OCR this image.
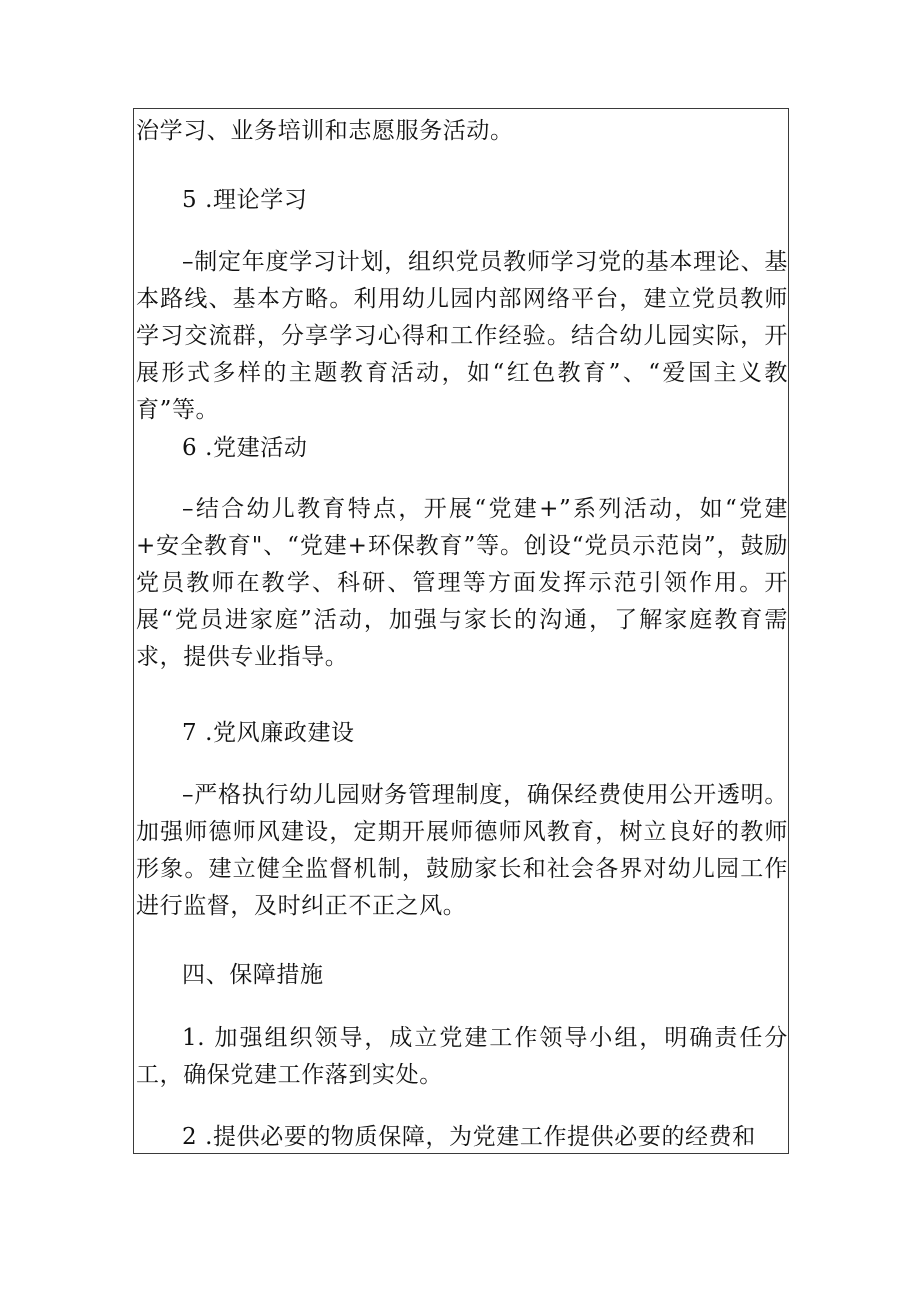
治学习、业务培训和志愿服务活动。
5 .理论学习
–制定年度学习计划，组织党员教师学习党的基本理论、基本路线、基本方略。利用幼儿园内部网络平台，建立党员教师学习交流群，分享学习心得和工作经验。结合幼儿园实际，开展形式多样的主题教育活动，如“红色教育”、“爱国主义教育”等。
6 .党建活动
–结合幼儿教育特点，开展“党建+”系列活动，如“党建+安全教育"、“党建+环保教育”等。创设“党员示范岗”，鼓励党员教师在教学、科研、管理等方面发挥示范引领作用。开展“党员进家庭”活动，加强与家长的沟通，了解家庭教育需求，提供专业指导。
7 .党风廉政建设
–严格执行幼儿园财务管理制度，确保经费使用公开透明。加强师德师风建设，定期开展师德师风教育，树立良好的教师形象。建立健全监督机制，鼓励家长和社会各界对幼儿园工作进行监督，及时纠正不正之风。
四、保障措施
1. 加强组织领导，成立党建工作领导小组，明确责任分工，确保党建工作落到实处。
2 .提供必要的物质保障，为党建工作提供必要的经费和
